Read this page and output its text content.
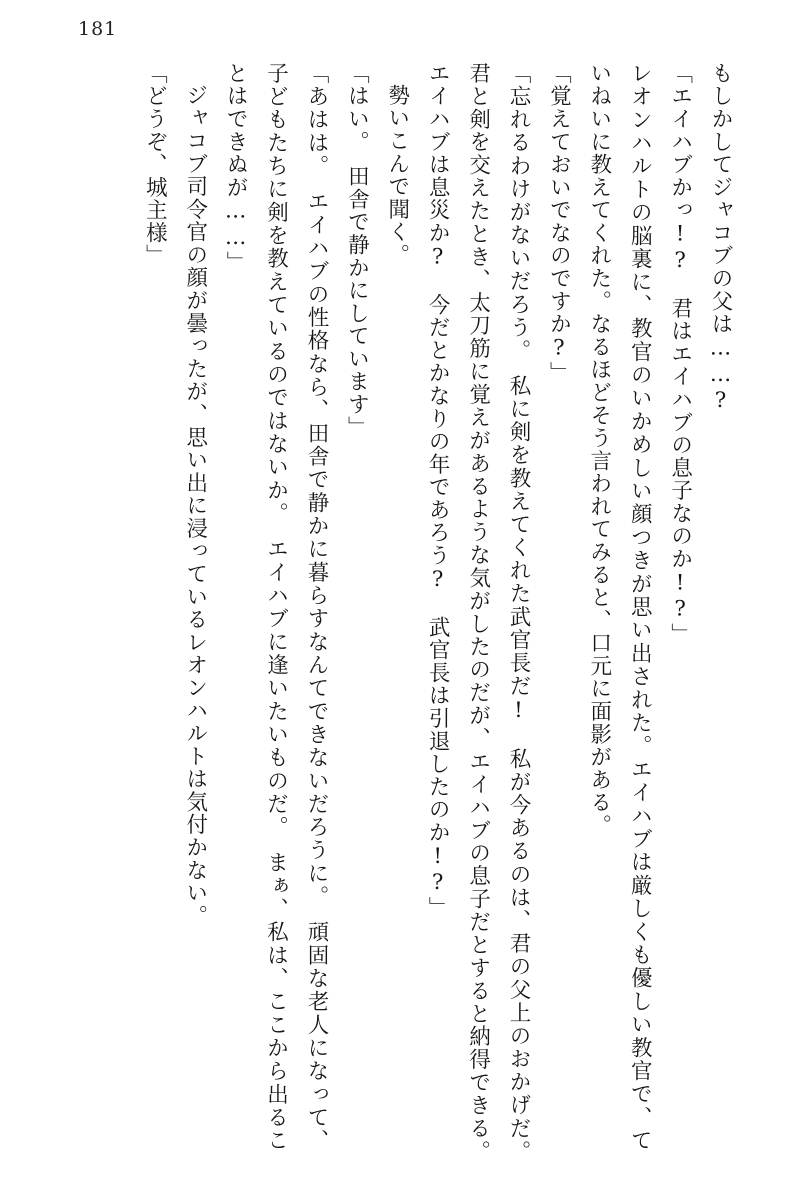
181

もしかしてジャコブの父は……?

「エイハブかっ!?　君はエイハブの息子なのか!?」

レオンハルトの脳裏に、教官のいかめしい顔つきが思い出された。エイハブは厳しくも優しい教官で、ていねいに教えてくれた。なるほどそう言われてみると、口元に面影がある。

「覚えておいでなのですか?」

「忘れるわけがないだろう。　私に剣を教えてくれた武官長だ!　私が今あるのは、君の父上のおかげだ。　君と剣を交えたとき、太刀筋に覚えがあるような気がしたのだが、エイハブの息子だとすると納得できる。　エイハブは息災か?　今だとかなりの年であろう?　武官長は引退したのか!?」

勢いこんで聞く。

「はい。　田舎で静かにしています」

「あはは。　エイハブの性格なら、田舎で静かに暮らすなんてできないだろうに。　頑固な老人になって、子どもたちに剣を教えているのではないか。　エイハブに逢いたいものだ。　まぁ、私は、ここから出ることはできぬが……」

ジャコブ司令官の顔が曇ったが、思い出に浸っているレオンハルトは気付かない。

「どうぞ、城主様」
